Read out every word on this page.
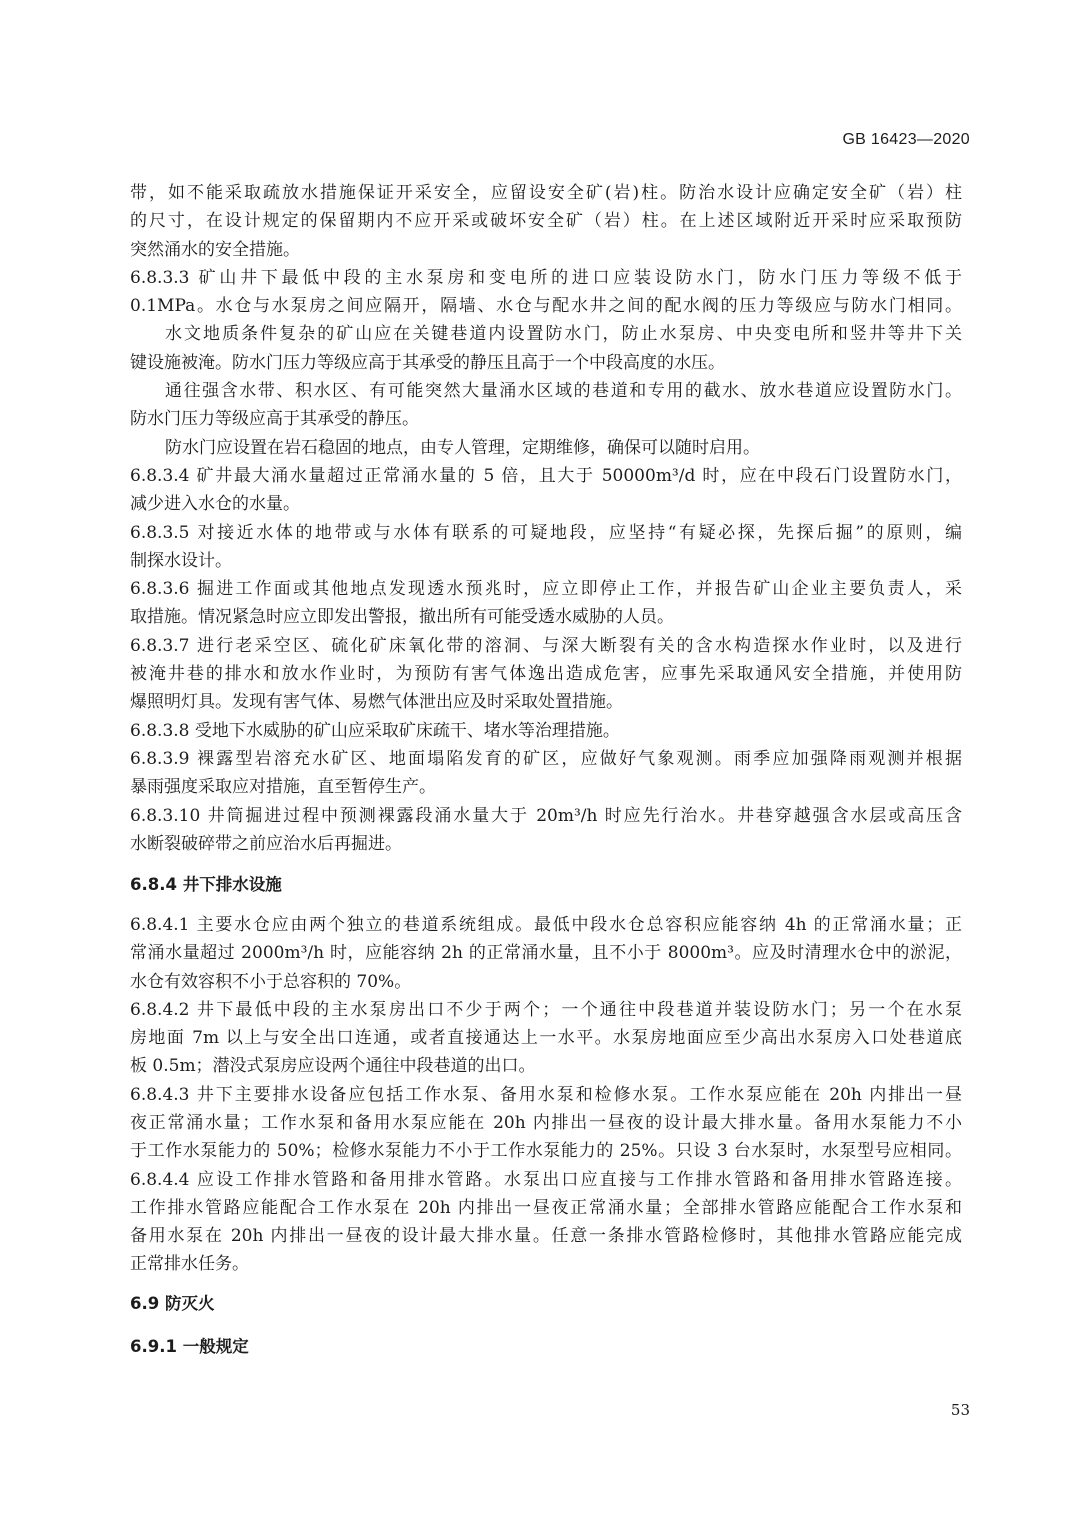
GB 16423—2020
带，如不能采取疏放水措施保证开采安全，应留设安全矿(岩)柱。防治水设计应确定安全矿（岩）柱
的尺寸，在设计规定的保留期内不应开采或破坏安全矿（岩）柱。在上述区域附近开采时应采取预防
突然涌水的安全措施。
6.8.3.3 矿山井下最低中段的主水泵房和变电所的进口应装设防水门，防水门压力等级不低于
0.1MPa。水仓与水泵房之间应隔开，隔墙、水仓与配水井之间的配水阀的压力等级应与防水门相同。
水文地质条件复杂的矿山应在关键巷道内设置防水门，防止水泵房、中央变电所和竖井等井下关
键设施被淹。防水门压力等级应高于其承受的静压且高于一个中段高度的水压。
通往强含水带、积水区、有可能突然大量涌水区域的巷道和专用的截水、放水巷道应设置防水门。
防水门压力等级应高于其承受的静压。
防水门应设置在岩石稳固的地点，由专人管理，定期维修，确保可以随时启用。
6.8.3.4 矿井最大涌水量超过正常涌水量的 5 倍，且大于 50000m³/d 时，应在中段石门设置防水门，
减少进入水仓的水量。
6.8.3.5 对接近水体的地带或与水体有联系的可疑地段，应坚持“有疑必探，先探后掘”的原则，编
制探水设计。
6.8.3.6 掘进工作面或其他地点发现透水预兆时，应立即停止工作，并报告矿山企业主要负责人，采
取措施。情况紧急时应立即发出警报，撤出所有可能受透水威胁的人员。
6.8.3.7 进行老采空区、硫化矿床氧化带的溶洞、与深大断裂有关的含水构造探水作业时，以及进行
被淹井巷的排水和放水作业时，为预防有害气体逸出造成危害，应事先采取通风安全措施，并使用防
爆照明灯具。发现有害气体、易燃气体泄出应及时采取处置措施。
6.8.3.8 受地下水威胁的矿山应采取矿床疏干、堵水等治理措施。
6.8.3.9 裸露型岩溶充水矿区、地面塌陷发育的矿区，应做好气象观测。雨季应加强降雨观测并根据
暴雨强度采取应对措施，直至暂停生产。
6.8.3.10 井筒掘进过程中预测裸露段涌水量大于 20m³/h 时应先行治水。井巷穿越强含水层或高压含
水断裂破碎带之前应治水后再掘进。
6.8.4 井下排水设施
6.8.4.1 主要水仓应由两个独立的巷道系统组成。最低中段水仓总容积应能容纳 4h 的正常涌水量；正
常涌水量超过 2000m³/h 时，应能容纳 2h 的正常涌水量，且不小于 8000m³。应及时清理水仓中的淤泥，
水仓有效容积不小于总容积的 70%。
6.8.4.2 井下最低中段的主水泵房出口不少于两个；一个通往中段巷道并装设防水门；另一个在水泵
房地面 7m 以上与安全出口连通，或者直接通达上一水平。水泵房地面应至少高出水泵房入口处巷道底
板 0.5m；潜没式泵房应设两个通往中段巷道的出口。
6.8.4.3 井下主要排水设备应包括工作水泵、备用水泵和检修水泵。工作水泵应能在 20h 内排出一昼
夜正常涌水量；工作水泵和备用水泵应能在 20h 内排出一昼夜的设计最大排水量。备用水泵能力不小
于工作水泵能力的 50%；检修水泵能力不小于工作水泵能力的 25%。只设 3 台水泵时，水泵型号应相同。
6.8.4.4 应设工作排水管路和备用排水管路。水泵出口应直接与工作排水管路和备用排水管路连接。
工作排水管路应能配合工作水泵在 20h 内排出一昼夜正常涌水量；全部排水管路应能配合工作水泵和
备用水泵在 20h 内排出一昼夜的设计最大排水量。任意一条排水管路检修时，其他排水管路应能完成
正常排水任务。
6.9 防灭火
6.9.1 一般规定
53
